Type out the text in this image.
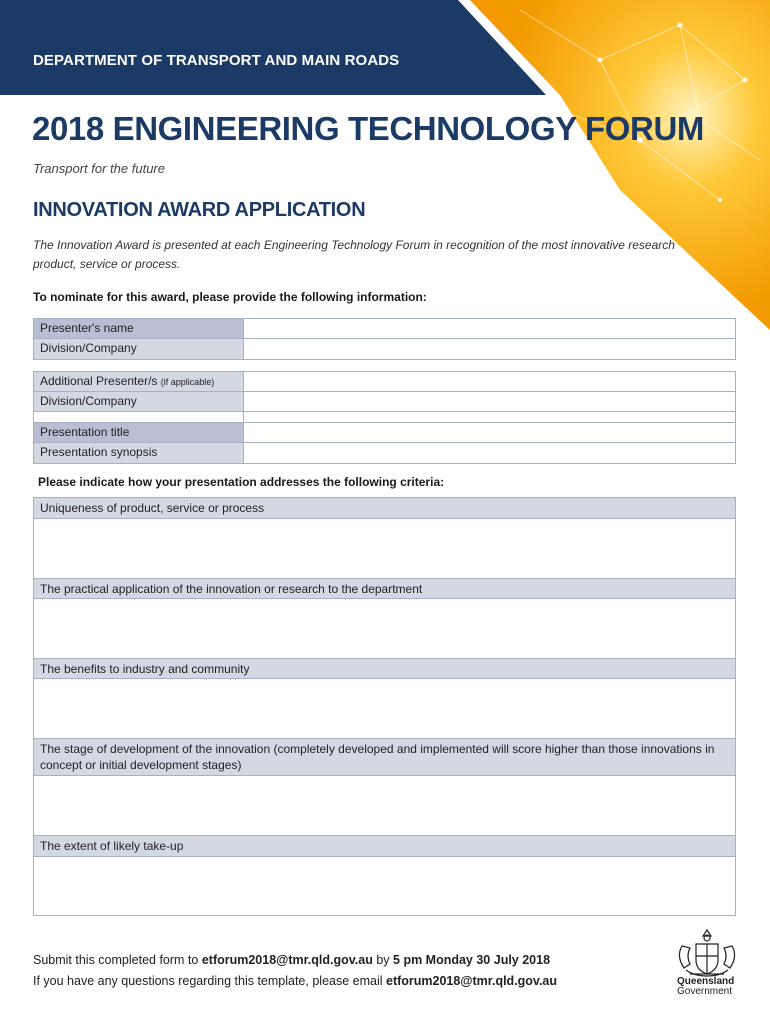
DEPARTMENT OF TRANSPORT AND MAIN ROADS
2018 ENGINEERING TECHNOLOGY FORUM
Transport for the future
INNOVATION AWARD APPLICATION
The Innovation Award is presented at each Engineering Technology Forum in recognition of the most innovative research product, service or process.
To nominate for this award, please provide the following information:
Presenter's name
Division/Company
Additional Presenter/s (if applicable)
Division/Company
Presentation title
Presentation synopsis
Please indicate how your presentation addresses the following criteria:
Uniqueness of product, service or process
The practical application of the innovation or research to the department
The benefits to industry and community
The stage of development of the innovation (completely developed and implemented will score higher than those innovations in concept or initial development stages)
The extent of likely take-up
Submit this completed form to etforum2018@tmr.qld.gov.au by 5 pm Monday 30 July 2018
If you have any questions regarding this template, please email etforum2018@tmr.qld.gov.au	Queensland
Government
